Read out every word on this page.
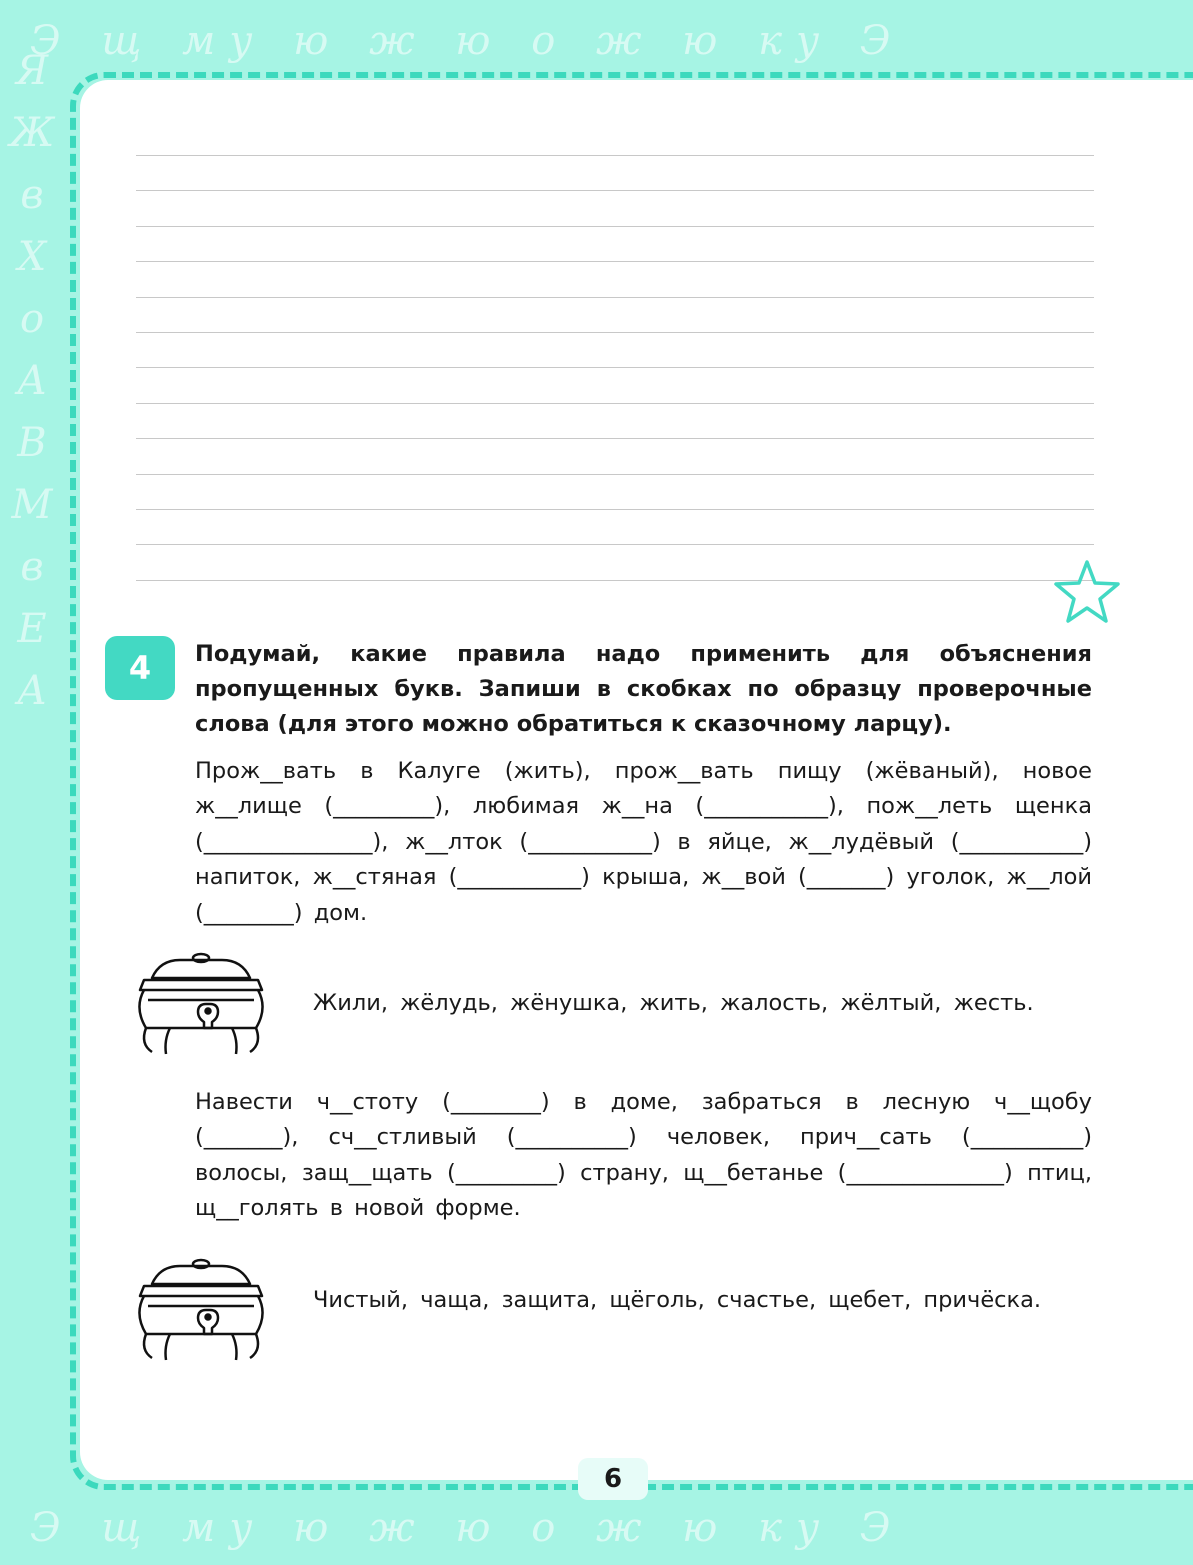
Э щ му ю ж ю о ж ю ку Э
Я Ж в Х о А В М в Е А
Э щ му ю ж ю о ж ю ку Э
4	Подумай, какие правила надо применить для объяснения пропущенных букв. Запиши в скобках по образцу проверочные слова (для этого можно обратиться к сказочному ларцу).
Прож__вать в Калуге (жить), прож__вать пищу (жёваный), новое ж__лище (_________), любимая ж__на (___________), пож__леть щенка (_______________), ж__лток (___________) в яйце, ж__лудёвый (___________) напиток, ж__стяная (___________) крыша, ж__вой (_______) уголок, ж__лой (________) дом.
Жили, жёлудь, жёнушка, жить, жалость, жёлтый, жесть.
Навести ч__стоту (________) в доме, забраться в лесную ч__щобу (_______), сч__стливый (__________) человек, прич__сать (__________) волосы, защ__щать (_________) страну, щ__бетанье (______________) птиц, щ__голять в новой форме.
Чистый, чаща, защита, щёголь, счастье, щебет, причёска.
6
